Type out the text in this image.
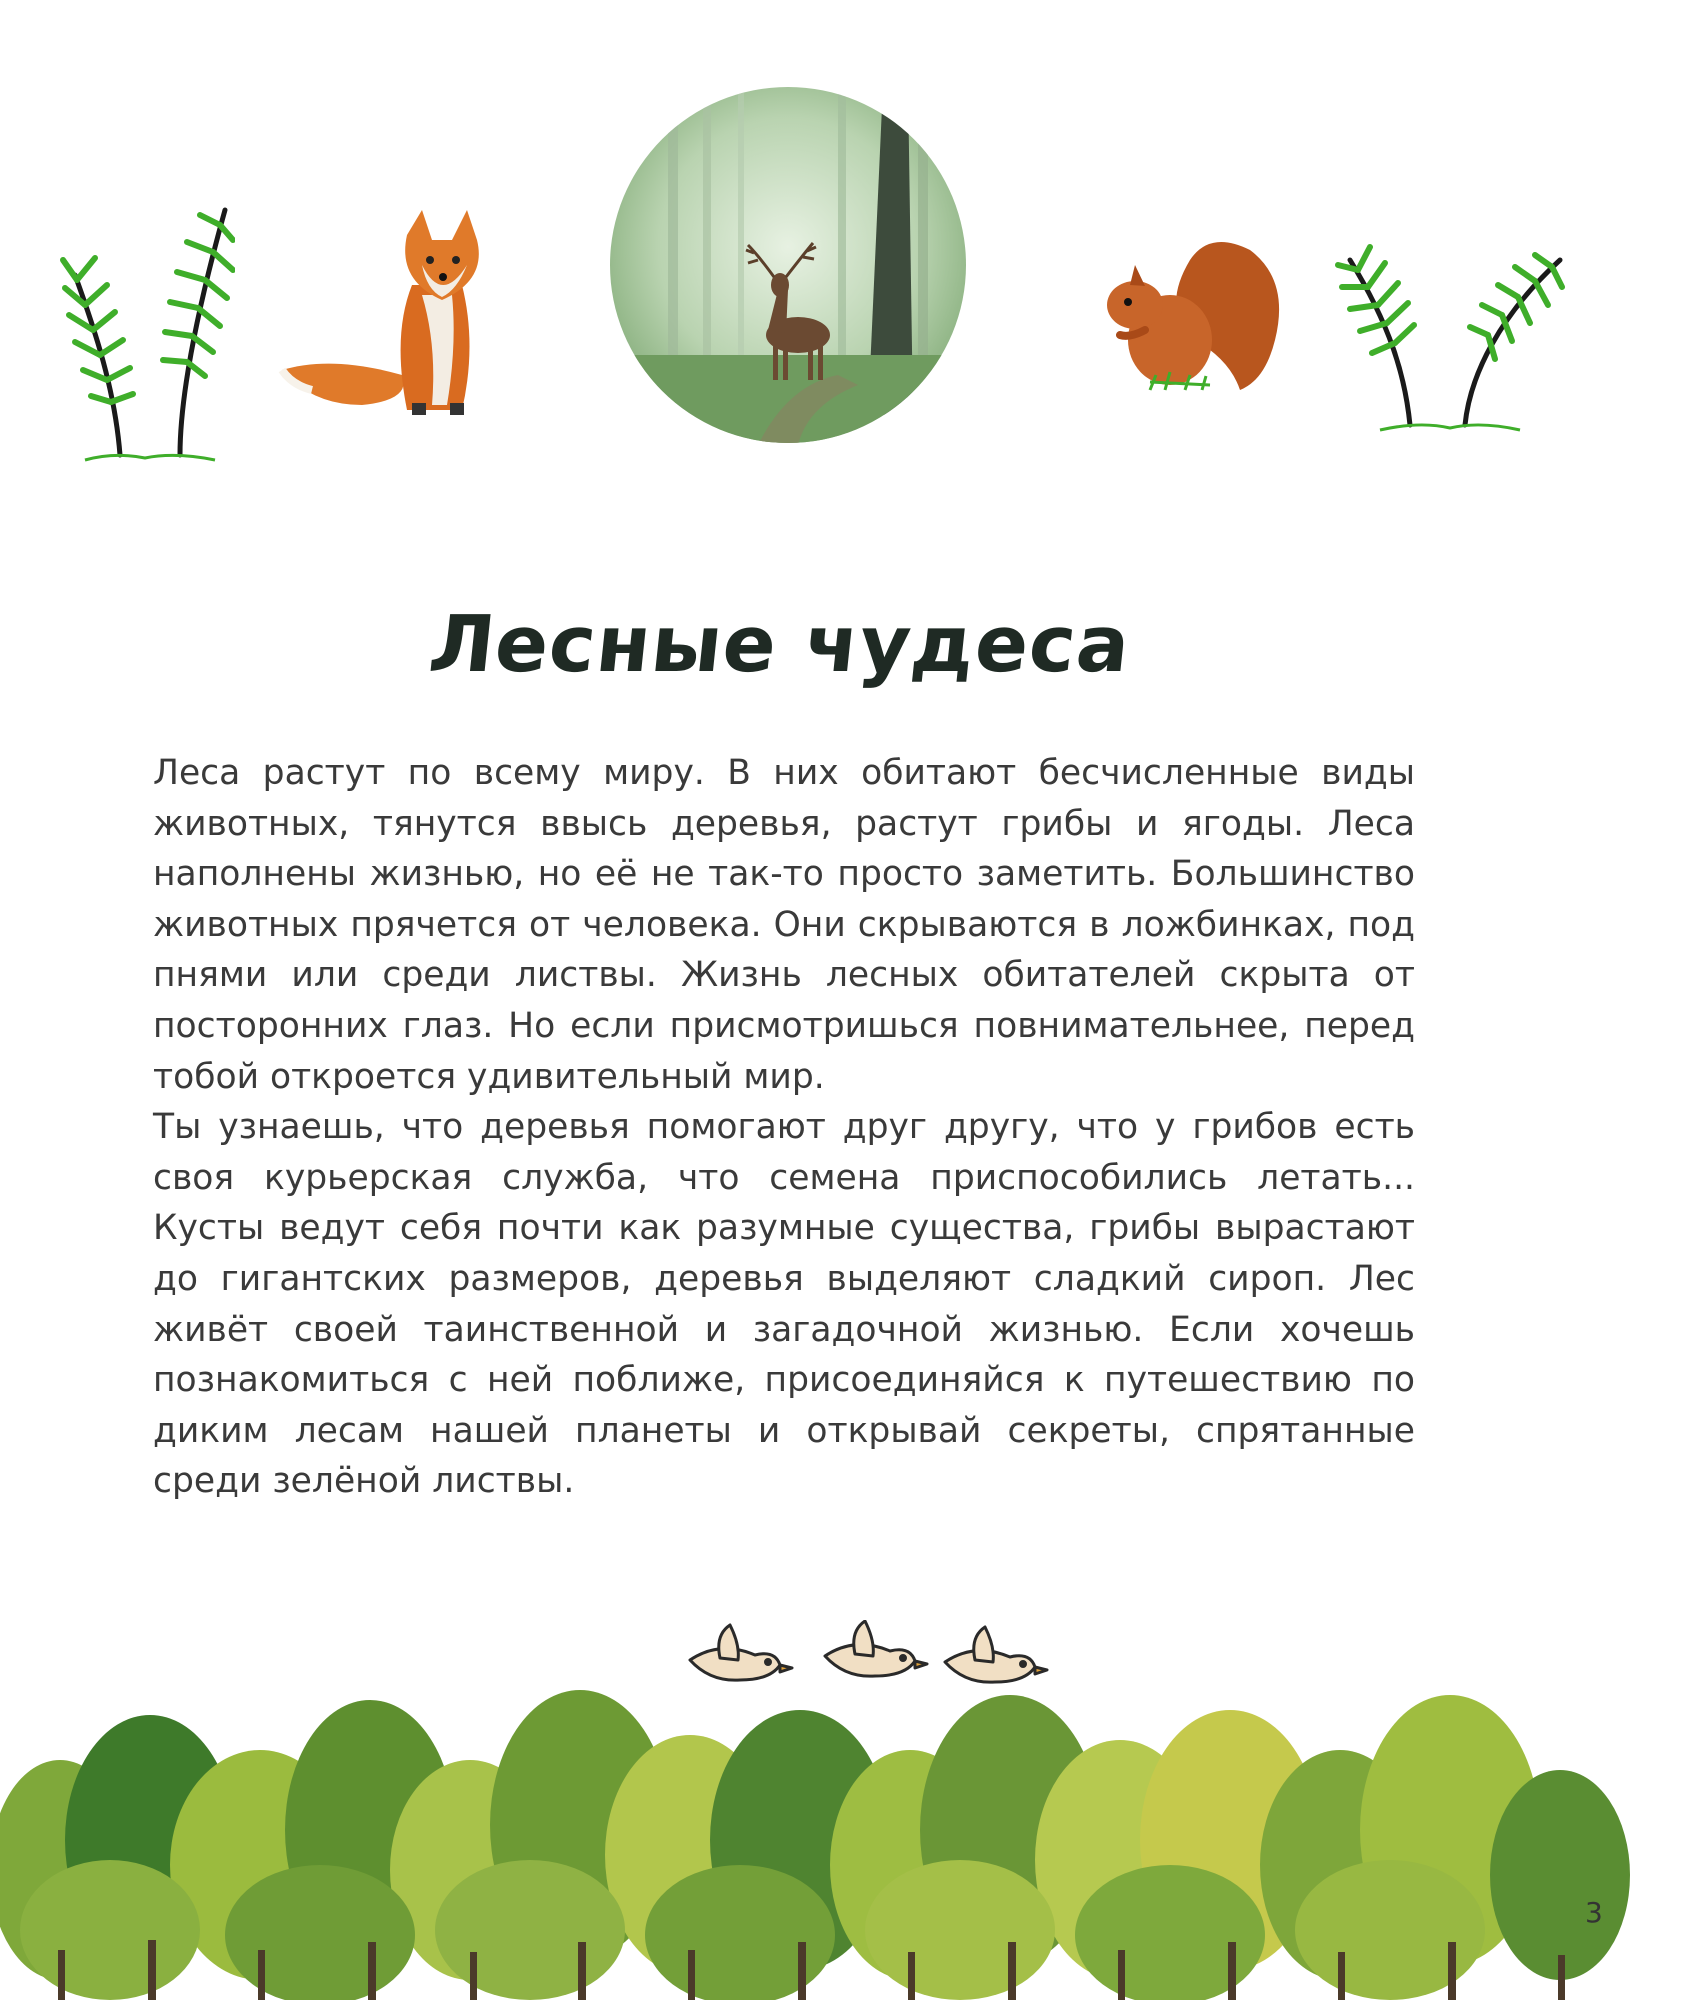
Лесные чудеса

Леса растут по всему миру. В них обитают бесчисленные виды животных, тянутся ввысь деревья, растут грибы и ягоды. Леса наполнены жизнью, но её не так-то просто заметить. Большинство животных прячется от человека. Они скрываются в ложбинках, под пнями или среди листвы. Жизнь лесных обитателей скрыта от посторонних глаз. Но если присмотришься повнимательнее, перед тобой откроется удивительный мир.

Ты узнаешь, что деревья помогают друг другу, что у грибов есть своя курьерская служба, что семена приспособились летать... Кусты ведут себя почти как разумные существа, грибы вырастают до гигантских размеров, деревья выделяют сладкий сироп. Лес живёт своей таинственной и загадочной жизнью. Если хочешь познакомиться с ней поближе, присоединяйся к путешествию по диким лесам нашей планеты и открывай секреты, спрятанные среди зелёной листвы.

3
